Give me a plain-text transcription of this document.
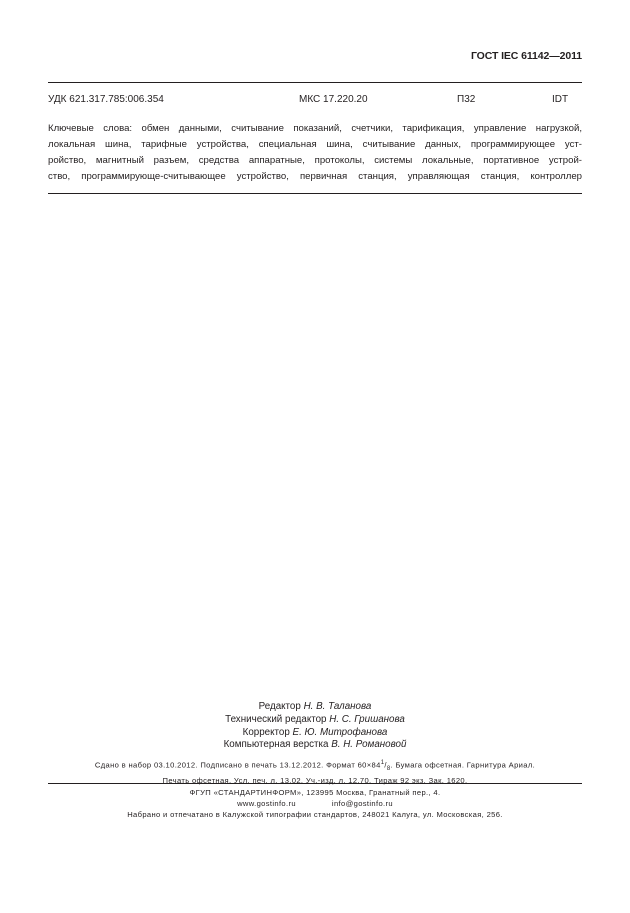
ГОСТ IEC 61142—2011
УДК 621.317.785:006.354	МКС 17.220.20	П32	IDT
Ключевые слова: обмен данными, считывание показаний, счетчики, тарификация, управление нагрузкой,
локальная шина, тарифные устройства, специальная шина, считывание данных, программирующее уст-
ройство, магнитный разъем, средства аппаратные, протоколы, системы локальные, портативное устрой-
ство, программирующе-считывающее устройство, первичная станция, управляющая станция, контроллер
Редактор Н. В. Таланова
Технический редактор Н. С. Гришанова
Корректор Е. Ю. Митрофанова
Компьютерная верстка В. Н. Романовой
Сдано в набор 03.10.2012. Подписано в печать 13.12.2012. Формат $60\times 84^1/_8$. Бумага офсетная. Гарнитура Ариал.
Печать офсетная. Усл. печ. л. 13,02. Уч.-изд. л. 12,70. Тираж 92 экз. Зак. 1620.
ФГУП «СТАНДАРТИНФОРМ», 123995 Москва, Гранатный пер., 4.
www.gostinfo.ru	info@gostinfo.ru
Набрано и отпечатано в Калужской типографии стандартов, 248021 Калуга, ул. Московская, 256.
